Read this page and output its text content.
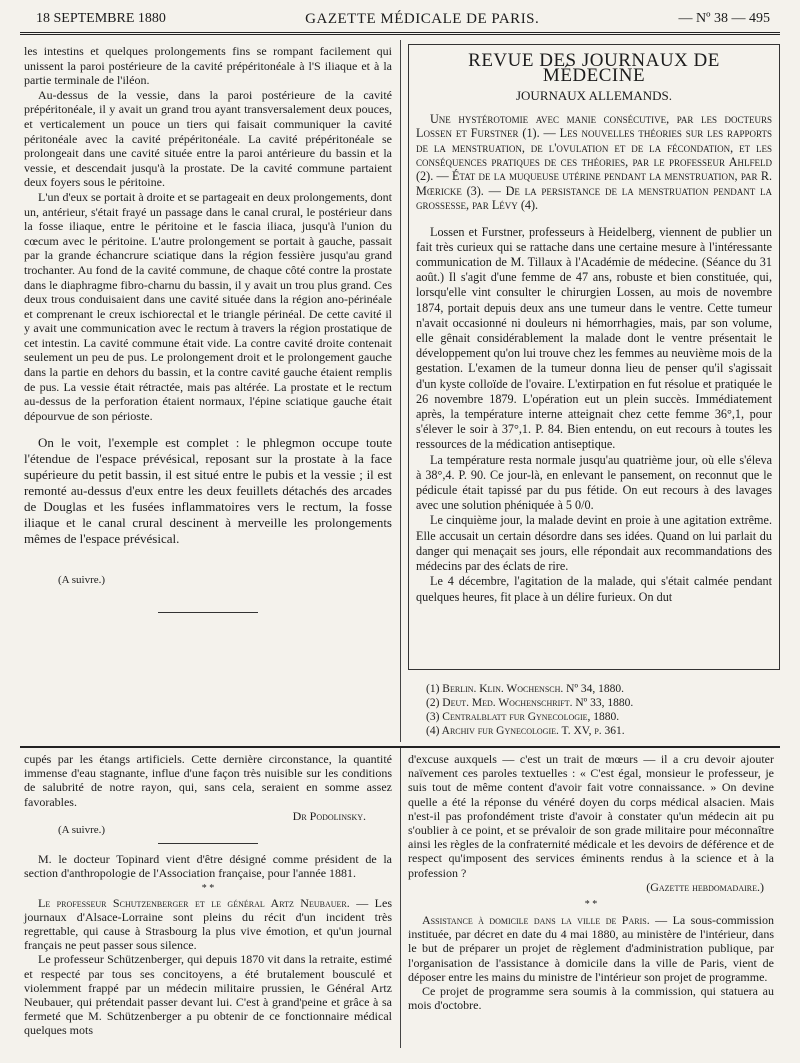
18 SEPTEMBRE 1880	GAZETTE MÉDICALE DE PARIS.	— Nº 38 — 495

les intestins et quelques prolongements fins se rompant facilement qui unissent la paroi postérieure de la cavité prépéritonéale à l'S iliaque et à la partie terminale de l'iléon.

Au-dessus de la vessie, dans la paroi postérieure de la cavité prépéritonéale, il y avait un grand trou ayant transversalement deux pouces, et verticalement un pouce un tiers qui faisait communiquer la cavité péritonéale avec la cavité prépéritonéale. La cavité prépéritonéale se prolongeait dans une cavité située entre la paroi antérieure du bassin et la vessie, et descendait jusqu'à la prostate. De la cavité commune partaient deux foyers sous le péritoine.

L'un d'eux se portait à droite et se partageait en deux prolongements, dont un, antérieur, s'était frayé un passage dans le canal crural, le postérieur dans la fosse iliaque, entre le péritoine et le fascia iliaca, jusqu'à l'union du cœcum avec le péritoine. L'autre prolongement se portait à gauche, passait par la grande échancrure sciatique dans la région fessière jusqu'au grand trochanter. Au fond de la cavité commune, de chaque côté contre la prostate dans le diaphragme fibro-charnu du bassin, il y avait un trou plus grand. Ces deux trous conduisaient dans une cavité située dans la région ano-périnéale et comprenant le creux ischiorectal et le triangle périnéal. De cette cavité il y avait une communication avec le rectum à travers la région prostatique de cet intestin. La cavité commune était vide. La contre cavité droite contenait seulement un peu de pus. Le prolongement droit et le prolongement gauche dans la partie en dehors du bassin, et la contre cavité gauche étaient remplis de pus. La vessie était rétractée, mais pas altérée. La prostate et le rectum au-dessus de la perforation étaient normaux, l'épine sciatique gauche était dépourvue de son périoste.

On le voit, l'exemple est complet : le phlegmon occupe toute l'étendue de l'espace prévésical, reposant sur la prostate à la face supérieure du petit bassin, il est situé entre le pubis et la vessie ; il est remonté au-dessus d'eux entre les deux feuillets détachés des arcades de Douglas et les fusées inflammatoires vers le rectum, la fosse iliaque et le canal crural descinent à merveille les prolongements mêmes de l'espace prévésical.

(A suivre.)
REVUE DES JOURNAUX DE MÉDECINE
JOURNAUX ALLEMANDS.

Une hystérotomie avec manie consécutive, par les docteurs Lossen et Furstner (1). — Les nouvelles théories sur les rapports de la menstruation, de l'ovulation et de la fécondation, et les conséquences pratiques de ces théories, par le professeur Ahlfeld (2). — État de la muqueuse utérine pendant la menstruation, par R. Mœricke (3). — De la persistance de la menstruation pendant la grossesse, par Lévy (4).

Lossen et Furstner, professeurs à Heidelberg, viennent de publier un fait très curieux qui se rattache dans une certaine mesure à l'intéressante communication de M. Tillaux à l'Académie de médecine. (Séance du 31 août.) Il s'agit d'une femme de 47 ans, robuste et bien constituée, qui, lorsqu'elle vint consulter le chirurgien Lossen, au mois de novembre 1874, portait depuis deux ans une tumeur dans le ventre. Cette tumeur n'avait occasionné ni douleurs ni hémorrhagies, mais, par son volume, elle gênait considérablement la malade dont le ventre présentait le développement qu'on lui trouve chez les femmes au neuvième mois de la gestation. L'examen de la tumeur donna lieu de penser qu'il s'agissait d'un kyste colloïde de l'ovaire. L'extirpation en fut résolue et pratiquée le 26 novembre 1879. L'opération eut un plein succès. Immédiatement après, la température interne atteignait chez cette femme 36°,1, pour s'élever le soir à 37°,1. P. 84. Bien entendu, on eut recours à toutes les ressources de la médication antiseptique.

La température resta normale jusqu'au quatrième jour, où elle s'éleva à 38°,4. P. 90. Ce jour-là, en enlevant le pansement, on reconnut que le pédicule était tapissé par du pus fétide. On eut recours à des lavages avec une solution phéniquée à 5 0/0.

Le cinquième jour, la malade devint en proie à une agitation extrême. Elle accusait un certain désordre dans ses idées. Quand on lui parlait du danger qui menaçait ses jours, elle répondait aux recommandations des médecins par des éclats de rire.

Le 4 décembre, l'agitation de la malade, qui s'était calmée pendant quelques heures, fit place à un délire furieux. On dut

(1) Berlin. Klin. Wochensch. Nº 34, 1880.
(2) Deut. Med. Wochenschrift. Nº 33, 1880.
(3) Centralblatt fur Gynecologie, 1880.
(4) Archiv fur Gynecologie. T. XV, p. 361.

cupés par les étangs artificiels. Cette dernière circonstance, la quantité immense d'eau stagnante, influe d'une façon très nuisible sur les conditions de salubrité de notre rayon, qui, sans cela, seraient en somme assez favorables.

Dr Podolinsky.
(A suivre.)

M. le docteur Topinard vient d'être désigné comme président de la section d'anthropologie de l'Association française, pour l'année 1881.

* *

Le professeur Schutzenberger et le général Artz Neubauer. — Les journaux d'Alsace-Lorraine sont pleins du récit d'un incident très regrettable, qui cause à Strasbourg la plus vive émotion, et qu'un journal français ne peut passer sous silence.

Le professeur Schützenberger, qui depuis 1870 vit dans la retraite, estimé et respecté par tous ses concitoyens, a été brutalement bousculé et violemment frappé par un médecin militaire prussien, le Général Artz Neubauer, qui prétendait passer devant lui. C'est à grand'peine et grâce à sa fermeté que M. Schützenberger a pu obtenir de ce fonctionnaire médical quelques mots

d'excuse auxquels — c'est un trait de mœurs — il a cru devoir ajouter naïvement ces paroles textuelles : « C'est égal, monsieur le professeur, je suis tout de même content d'avoir fait votre connaissance. » On devine quelle a été la réponse du vénéré doyen du corps médical alsacien. Mais n'est-il pas profondément triste d'avoir à constater qu'un médecin ait pu s'oublier à ce point, et se prévaloir de son grade militaire pour méconnaître ainsi les règles de la confraternité médicale et les devoirs de déférence et de respect qu'imposent des services éminents rendus à la science et à la profession ?

(Gazette hebdomadaire.)
* *

Assistance à domicile dans la ville de Paris. — La sous-commission instituée, par décret en date du 4 mai 1880, au ministère de l'intérieur, dans le but de préparer un projet de règlement d'administration publique, par l'organisation de l'assistance à domicile dans la ville de Paris, vient de déposer entre les mains du ministre de l'intérieur son projet de programme.

Ce projet de programme sera soumis à la commission, qui statuera au mois d'octobre.
